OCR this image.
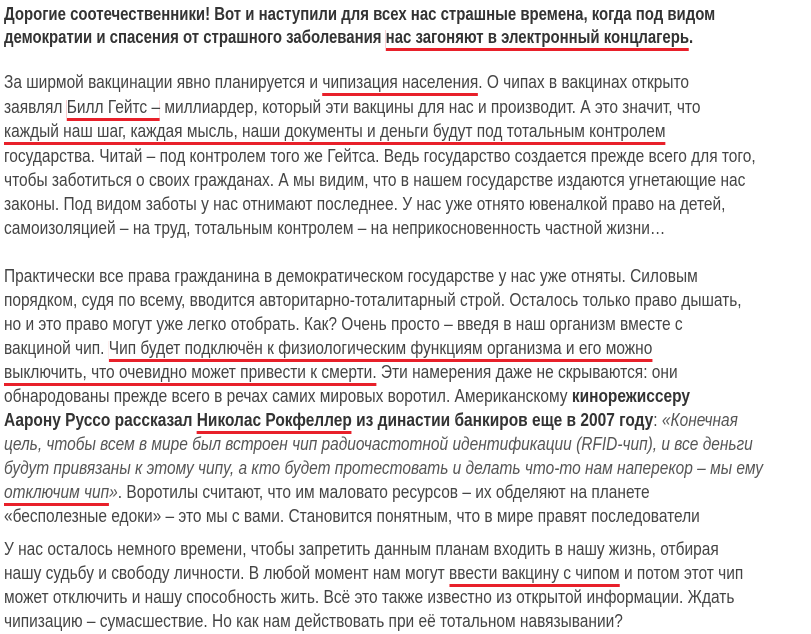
Дорогие соотечественники! Вот и наступили для всех нас страшные времена, когда под видом
демократии и спасения от страшного заболевания нас загоняют в электронный концлагерь.
За ширмой вакцинации явно планируется и чипизация населения. О чипах в вакцинах открыто
заявлял Билл Гейтс – миллиардер, который эти вакцины для нас и производит. А это значит, что
каждый наш шаг, каждая мысль, наши документы и деньги будут под тотальным контролем
государства. Читай – под контролем того же Гейтса. Ведь государство создается прежде всего для того,
чтобы заботиться о своих гражданах. А мы видим, что в нашем государстве издаются угнетающие нас
законы. Под видом заботы у нас отнимают последнее. У нас уже отнято ювеналкой право на детей,
самоизоляцией – на труд, тотальным контролем – на неприкосновенность частной жизни…
Практически все права гражданина в демократическом государстве у нас уже отняты. Силовым
порядком, судя по всему, вводится авторитарно-тоталитарный строй. Осталось только право дышать,
но и это право могут уже легко отобрать. Как? Очень просто – введя в наш организм вместе с
вакциной чип. Чип будет подключён к физиологическим функциям организма и его можно
выключить, что очевидно может привести к смерти. Эти намерения даже не скрываются: они
обнародованы прежде всего в речах самих мировых воротил. Американскому кинорежиссеру
Аарону Руссо рассказал Николас Рокфеллер из династии банкиров еще в 2007 году: «Конечная
цель, чтобы всем в мире был встроен чип радиочастотной идентификации (RFID-чип), и все деньги
будут привязаны к этому чипу, а кто будет протестовать и делать что-то нам наперекор – мы ему
отключим чип». Воротилы считают, что им маловато ресурсов – их обделяют на планете
«бесполезные едоки» – это мы с вами. Становится понятным, что в мире правят последователи
У нас осталось немного времени, чтобы запретить данным планам входить в нашу жизнь, отбирая
нашу судьбу и свободу личности. В любой момент нам могут ввести вакцину с чипом и потом этот чип
может отключить и нашу способность жить. Всё это также известно из открытой информации. Ждать
чипизацию – сумасшествие. Но как нам действовать при её тотальном навязывании?
